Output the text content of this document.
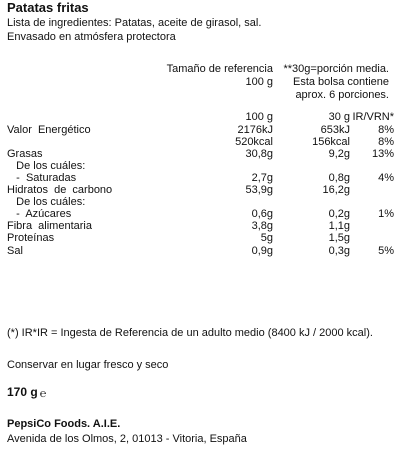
Patatas fritas
Lista de ingredientes: Patatas, aceite de girasol, sal.
Envasado en atmósfera protectora
Tamaño de referencia
100 g
**30g=porción media.
Esta bolsa contiene
aprox. 6 porciones.
100 g	30 g IR/VRN*
Valor  Energético	2176kJ	653kJ	8%
520kcal	156kcal	8%
Grasas	30,8g	9,2g 13%
De los cuáles:
-  Saturadas	2,7g	0,8g	4%
Hidratos  de  carbono	53,9g	16,2g
De los cuáles:
-  Azúcares	0,6g	0,2g	1%
Fibra  alimentaria	3,8g	1,1g
Proteínas	5g	1,5g
Sal	0,9g	0,3g	5%
(*) IR*IR = Ingesta de Referencia de un adulto medio (8400 kJ / 2000 kcal).
Conservar en lugar fresco y seco
170 g ℮
PepsiCo Foods. A.I.E.
Avenida de los Olmos, 2, 01013 - Vitoria, España
